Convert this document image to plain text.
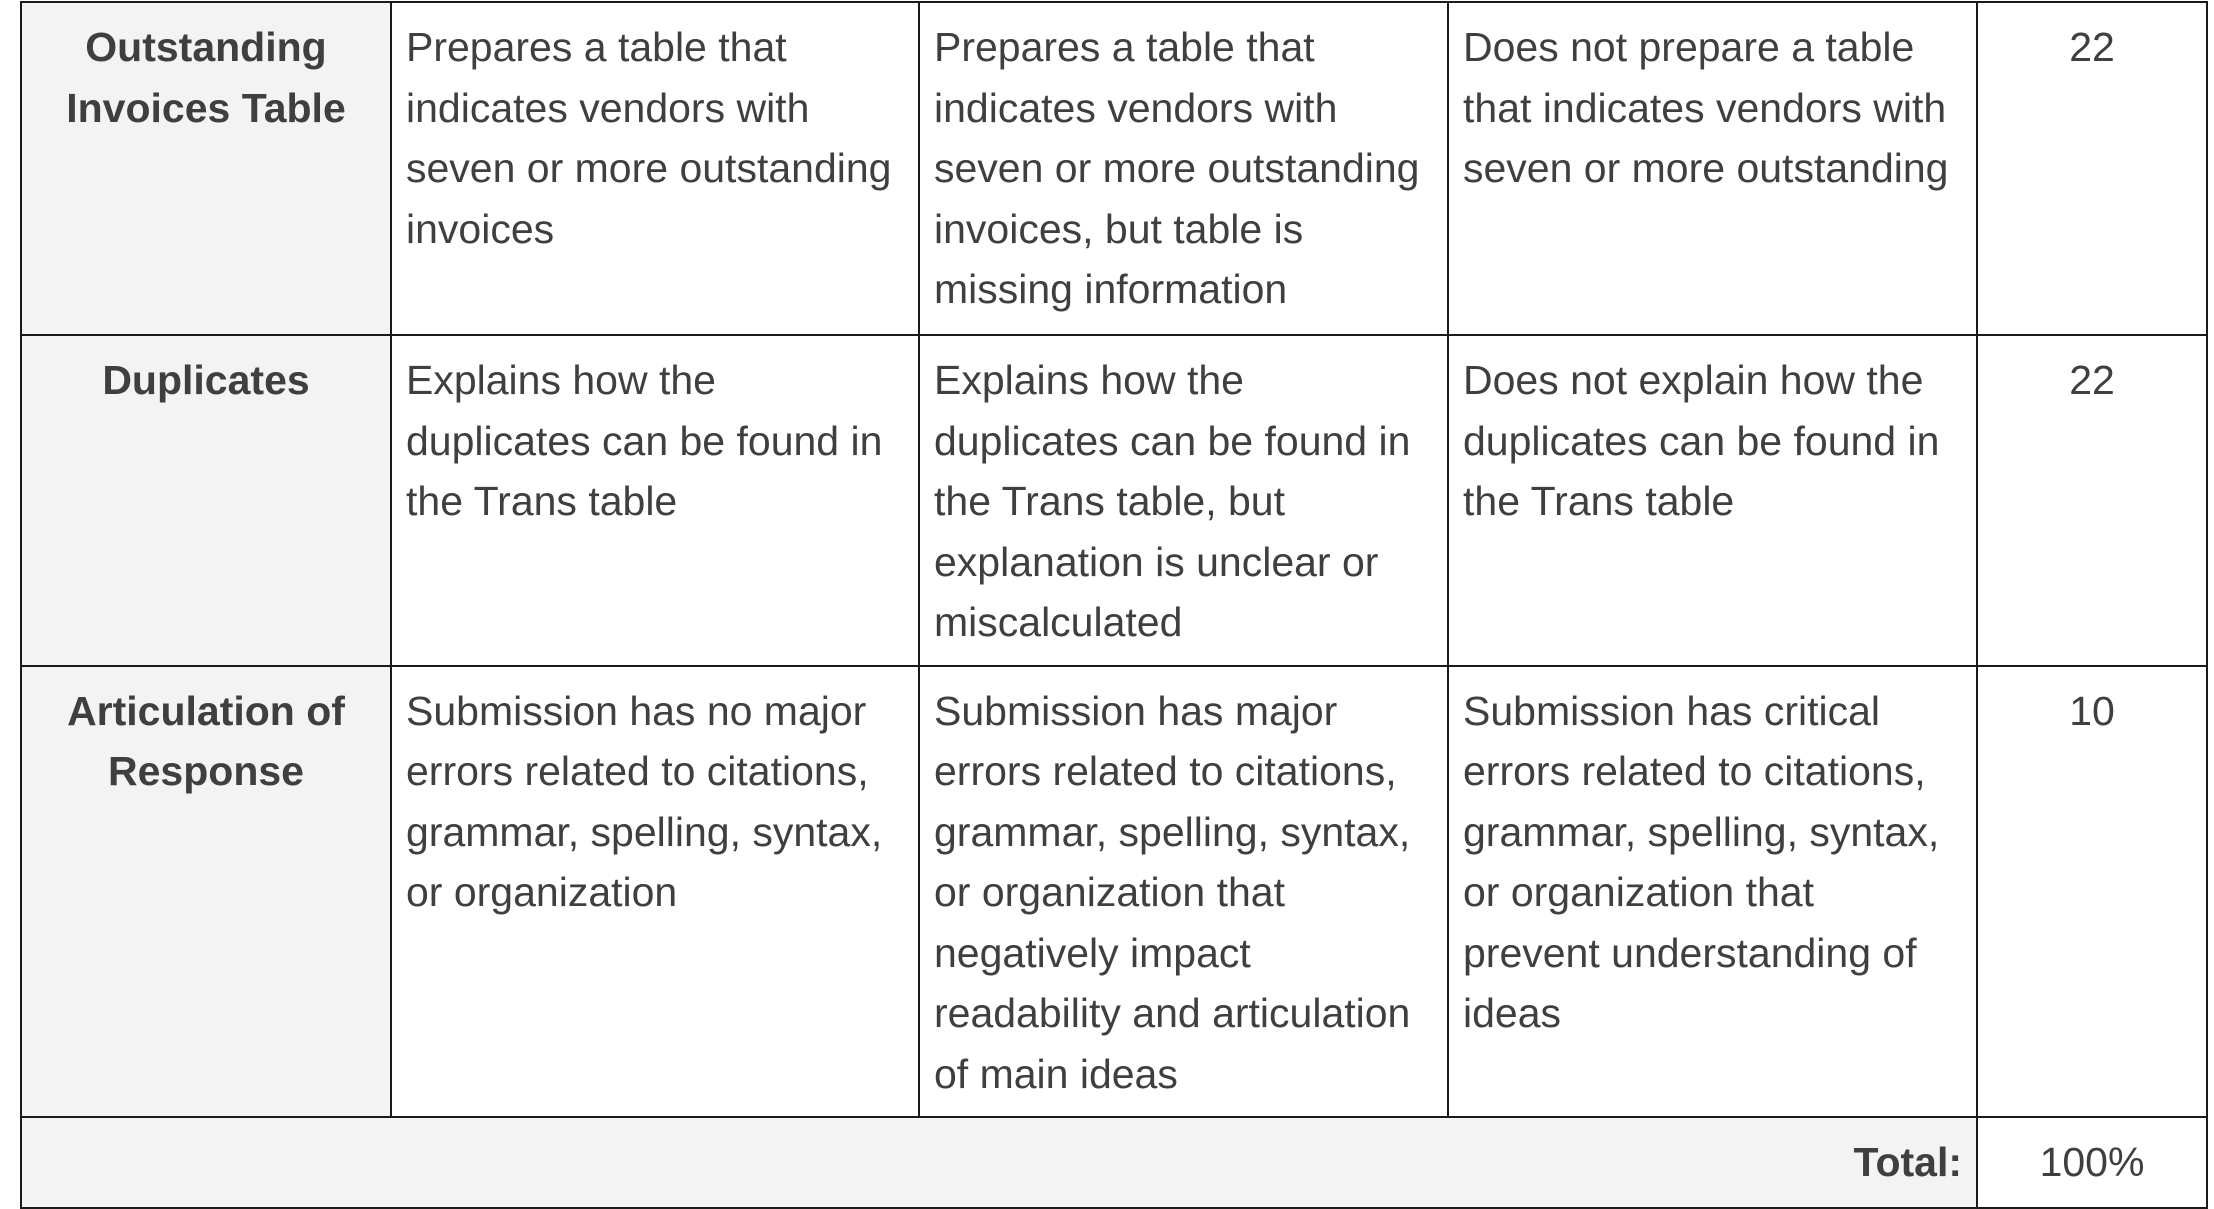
Outstanding Invoices Table	Prepares a table that indicates vendors with seven or more outstanding invoices	Prepares a table that indicates vendors with seven or more outstanding invoices, but table is missing information	Does not prepare a table that indicates vendors with seven or more outstanding	22
Duplicates	Explains how the duplicates can be found in the Trans table	Explains how the duplicates can be found in the Trans table, but explanation is unclear or miscalculated	Does not explain how the duplicates can be found in the Trans table	22
Articulation of Response	Submission has no major errors related to citations, grammar, spelling, syntax, or organization	Submission has major errors related to citations, grammar, spelling, syntax, or organization that negatively impact readability and articulation of main ideas	Submission has critical errors related to citations, grammar, spelling, syntax, or organization that prevent understanding of ideas	10
Total:				100%
